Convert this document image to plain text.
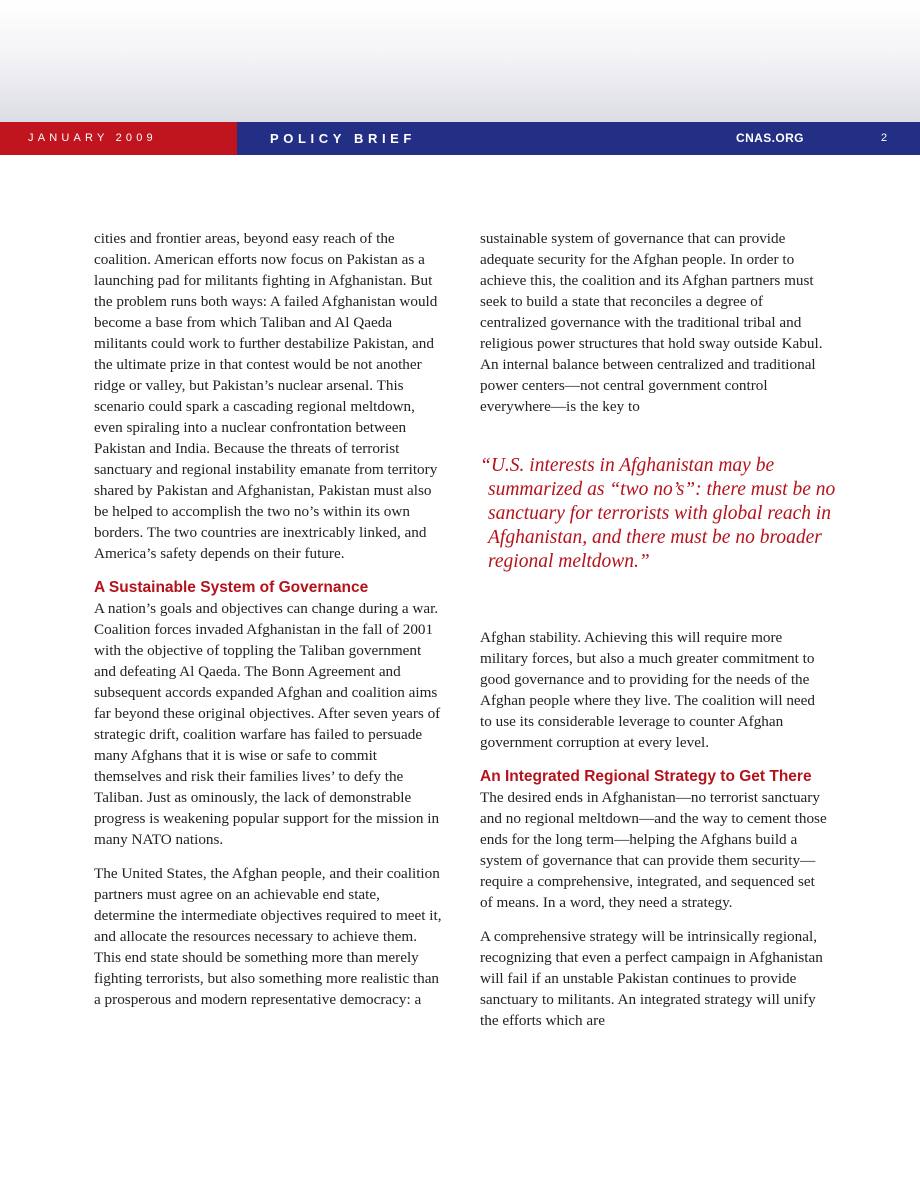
JANUARY 2009	POLICY BRIEF	CNAS.ORG	2

cities and frontier areas, beyond easy reach of the coalition. American efforts now focus on Pakistan as a launching pad for militants fighting in Afghanistan. But the problem runs both ways: A failed Afghanistan would become a base from which Taliban and Al Qaeda militants could work to further destabilize Pakistan, and the ultimate prize in that contest would be not another ridge or valley, but Pakistan’s nuclear arsenal. This scenario could spark a cascading regional meltdown, even spiraling into a nuclear confrontation between Pakistan and India. Because the threats of terrorist sanctuary and regional instability emanate from territory shared by Pakistan and Afghanistan, Pakistan must also be helped to accomplish the two no’s within its own borders. The two countries are inextricably linked, and America’s safety depends on their future.

A Sustainable System of Governance

A nation’s goals and objectives can change during a war. Coalition forces invaded Afghanistan in the fall of 2001 with the objective of toppling the Taliban government and defeating Al Qaeda. The Bonn Agreement and subsequent accords expanded Afghan and coalition aims far beyond these original objectives. After seven years of strategic drift, coalition warfare has failed to persuade many Afghans that it is wise or safe to commit themselves and risk their families lives’ to defy the Taliban. Just as ominously, the lack of demonstrable progress is weakening popular support for the mission in many NATO nations.

The United States, the Afghan people, and their coalition partners must agree on an achievable end state, determine the intermediate objectives required to meet it, and allocate the resources necessary to achieve them. This end state should be something more than merely fighting terrorists, but also something more realistic than a prosperous and modern representative democracy: a

sustainable system of governance that can provide adequate security for the Afghan people. In order to achieve this, the coalition and its Afghan partners must seek to build a state that reconciles a degree of centralized governance with the traditional tribal and religious power structures that hold sway outside Kabul. An internal balance between centralized and traditional power centers—not central government control everywhere—is the key to

“U.S. interests in Afghanistan may be summarized as “two no’s”: there must be no sanctuary for terrorists with global reach in Afghanistan, and there must be no broader regional meltdown.”

Afghan stability. Achieving this will require more military forces, but also a much greater commitment to good governance and to providing for the needs of the Afghan people where they live. The coalition will need to use its considerable leverage to counter Afghan government corruption at every level.

An Integrated Regional Strategy to Get There

The desired ends in Afghanistan—no terrorist sanctuary and no regional meltdown—and the way to cement those ends for the long term—helping the Afghans build a system of governance that can provide them security—require a comprehensive, integrated, and sequenced set of means. In a word, they need a strategy.

A comprehensive strategy will be intrinsically regional, recognizing that even a perfect campaign in Afghanistan will fail if an unstable Pakistan continues to provide sanctuary to militants. An integrated strategy will unify the efforts which are
